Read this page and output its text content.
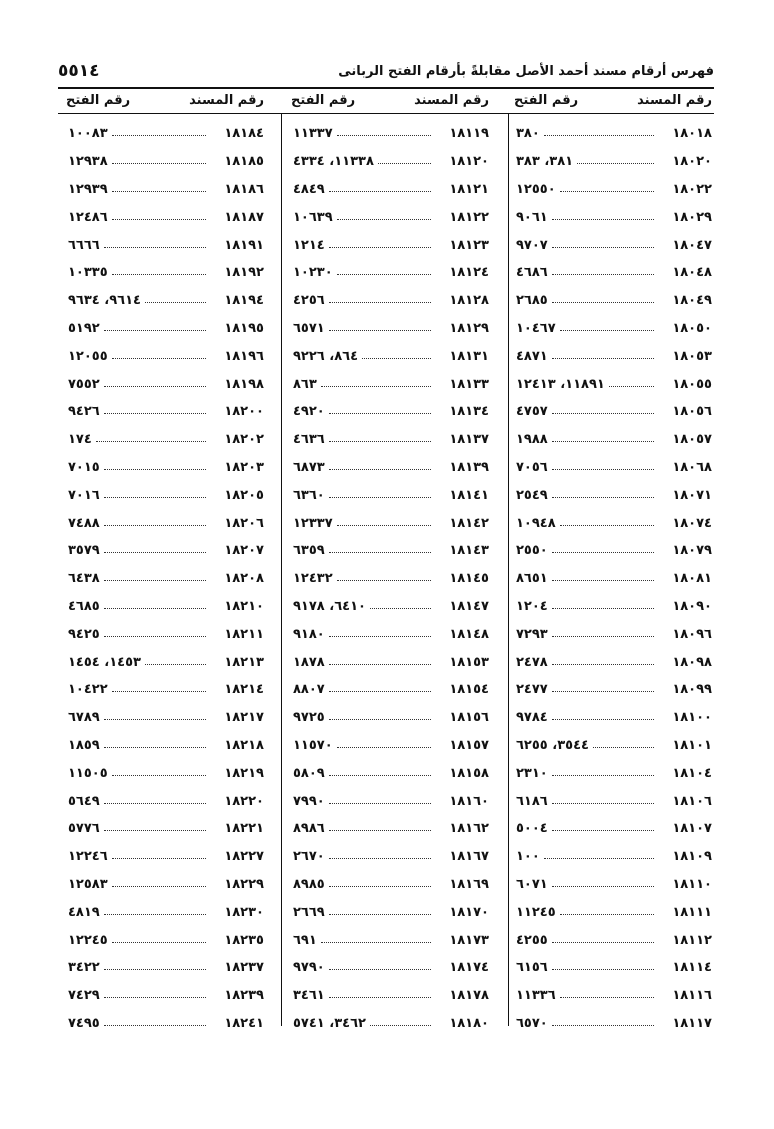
فهرس أرقام مسند أحمد الأصل مقابلةً بأرقام الفتح الربانى
٥٥١٤
رقم المسند
رقم الفتح
١٨٠١٨
٣٨٠
١٨٠٢٠
٣٨١، ٣٨٣
١٨٠٢٢
١٢٥٥٠
١٨٠٢٩
٩٠٦١
١٨٠٤٧
٩٧٠٧
١٨٠٤٨
٤٦٨٦
١٨٠٤٩
٢٦٨٥
١٨٠٥٠
١٠٤٦٧
١٨٠٥٣
٤٨٧١
١٨٠٥٥
١١٨٩١، ١٢٤١٣
١٨٠٥٦
٤٧٥٧
١٨٠٥٧
١٩٨٨
١٨٠٦٨
٧٠٥٦
١٨٠٧١
٢٥٤٩
١٨٠٧٤
١٠٩٤٨
١٨٠٧٩
٢٥٥٠
١٨٠٨١
٨٦٥١
١٨٠٩٠
١٢٠٤
١٨٠٩٦
٧٢٩٣
١٨٠٩٨
٢٤٧٨
١٨٠٩٩
٢٤٧٧
١٨١٠٠
٩٧٨٤
١٨١٠١
٣٥٤٤، ٦٢٥٥
١٨١٠٤
٢٣١٠
١٨١٠٦
٦١٨٦
١٨١٠٧
٥٠٠٤
١٨١٠٩
١٠٠
١٨١١٠
٦٠٧١
١٨١١١
١١٢٤٥
١٨١١٢
٤٢٥٥
١٨١١٤
٦١٥٦
١٨١١٦
١١٣٣٦
١٨١١٧
٦٥٧٠
رقم المسند
رقم الفتح
١٨١١٩
١١٣٣٧
١٨١٢٠
١١٣٣٨، ٤٣٣٤
١٨١٢١
٤٨٤٩
١٨١٢٢
١٠٦٣٩
١٨١٢٣
١٢١٤
١٨١٢٤
١٠٢٣٠
١٨١٢٨
٤٢٥٦
١٨١٢٩
٦٥٧١
١٨١٣١
٨٦٤، ٩٢٢٦
١٨١٣٣
٨٦٣
١٨١٣٤
٤٩٢٠
١٨١٣٧
٤٦٣٦
١٨١٣٩
٦٨٧٣
١٨١٤١
٦٣٦٠
١٨١٤٢
١٢٣٣٧
١٨١٤٣
٦٣٥٩
١٨١٤٥
١٢٤٣٢
١٨١٤٧
٦٤١٠، ٩١٧٨
١٨١٤٨
٩١٨٠
١٨١٥٣
١٨٧٨
١٨١٥٤
٨٨٠٧
١٨١٥٦
٩٧٢٥
١٨١٥٧
١١٥٧٠
١٨١٥٨
٥٨٠٩
١٨١٦٠
٧٩٩٠
١٨١٦٢
٨٩٨٦
١٨١٦٧
٢٦٧٠
١٨١٦٩
٨٩٨٥
١٨١٧٠
٢٦٦٩
١٨١٧٣
٦٩١
١٨١٧٤
٩٧٩٠
١٨١٧٨
٣٤٦١
١٨١٨٠
٣٤٦٢، ٥٧٤١
رقم المسند
رقم الفتح
١٨١٨٤
١٠٠٨٣
١٨١٨٥
١٢٩٣٨
١٨١٨٦
١٢٩٣٩
١٨١٨٧
١٢٤٨٦
١٨١٩١
٦٦٦٦
١٨١٩٢
١٠٣٣٥
١٨١٩٤
٩٦١٤، ٩٦٣٤
١٨١٩٥
٥١٩٢
١٨١٩٦
١٢٠٥٥
١٨١٩٨
٧٥٥٢
١٨٢٠٠
٩٤٢٦
١٨٢٠٢
١٧٤
١٨٢٠٣
٧٠١٥
١٨٢٠٥
٧٠١٦
١٨٢٠٦
٧٤٨٨
١٨٢٠٧
٣٥٧٩
١٨٢٠٨
٦٤٣٨
١٨٢١٠
٤٦٨٥
١٨٢١١
٩٤٢٥
١٨٢١٣
١٤٥٣، ١٤٥٤
١٨٢١٤
١٠٤٢٢
١٨٢١٧
٦٧٨٩
١٨٢١٨
١٨٥٩
١٨٢١٩
١١٥٠٥
١٨٢٢٠
٥٦٤٩
١٨٢٢١
٥٧٧٦
١٨٢٢٧
١٢٢٤٦
١٨٢٢٩
١٢٥٨٣
١٨٢٣٠
٤٨١٩
١٨٢٣٥
١٢٢٤٥
١٨٢٣٧
٣٤٢٢
١٨٢٣٩
٧٤٢٩
١٨٢٤١
٧٤٩٥
